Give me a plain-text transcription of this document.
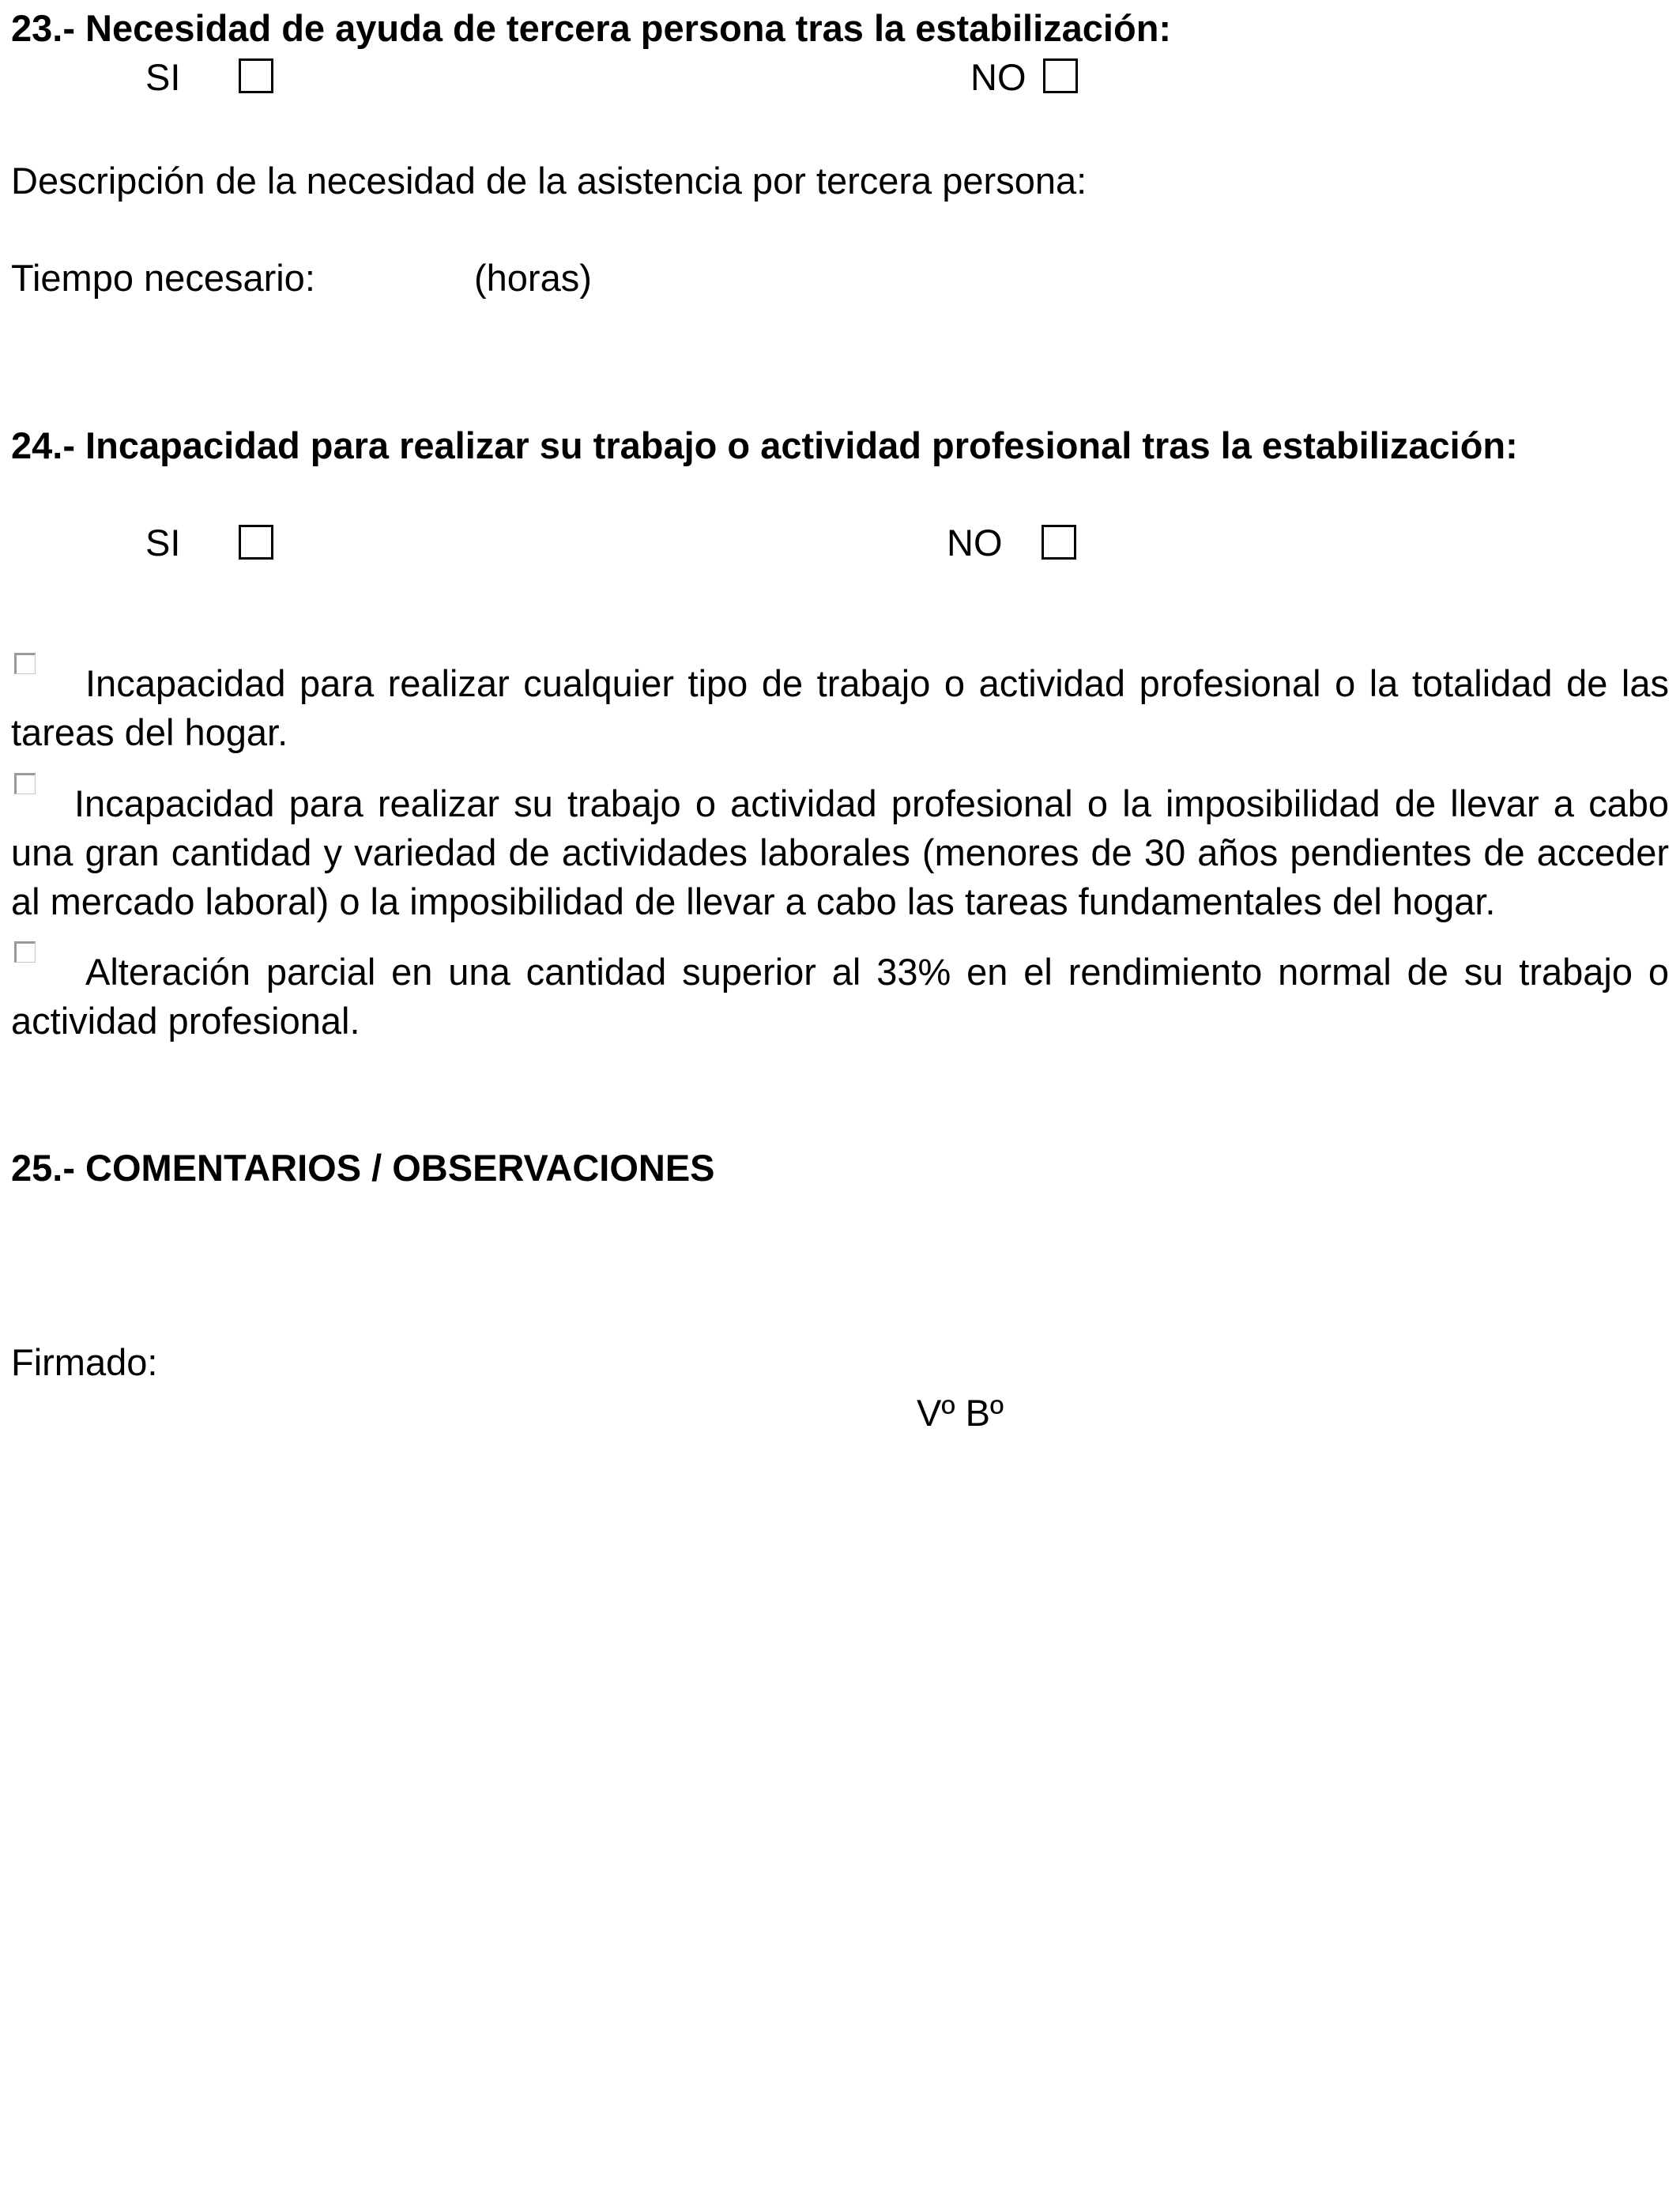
23.- Necesidad de ayuda de tercera persona tras la estabilización:
SI	NO
Descripción de la necesidad de la asistencia por tercera persona:
Tiempo necesario:	(horas)
24.- Incapacidad para realizar su trabajo o actividad profesional tras la estabilización:
SI	NO
Incapacidad para realizar cualquier tipo de trabajo o actividad profesional o la totalidad de las tareas del hogar.
Incapacidad para realizar su trabajo o actividad profesional o la imposibilidad de llevar a cabo una gran cantidad y variedad de actividades laborales (menores de 30 años pendientes de acceder al mercado laboral) o la imposibilidad de llevar a cabo las tareas fundamentales del hogar.
Alteración parcial en una cantidad superior al 33% en el rendimiento normal de su trabajo o actividad profesional.
25.- COMENTARIOS / OBSERVACIONES
Firmado:
Vº Bº
